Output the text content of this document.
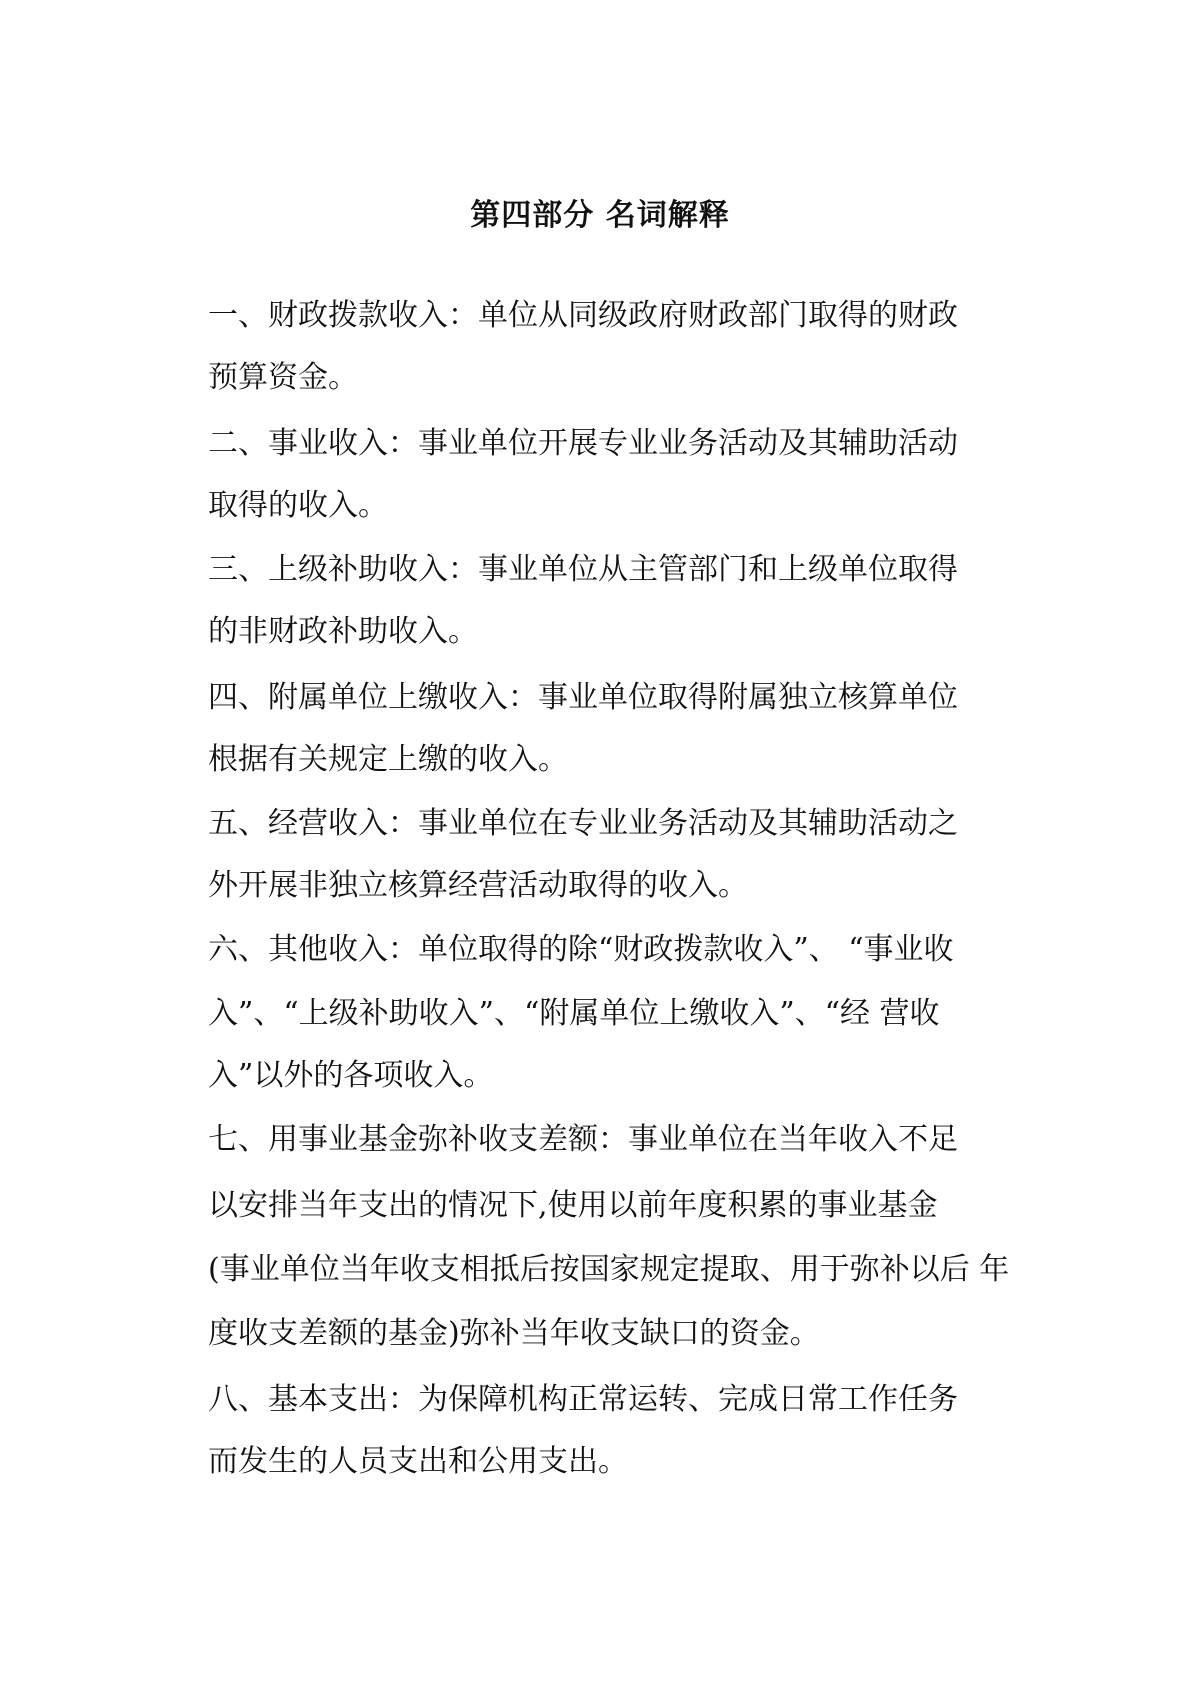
第四部分 名词解释
一、财政拨款收入：单位从同级政府财政部门取得的财政
预算资金。
二、事业收入：事业单位开展专业业务活动及其辅助活动
取得的收入。
三、上级补助收入：事业单位从主管部门和上级单位取得
的非财政补助收入。
四、附属单位上缴收入：事业单位取得附属独立核算单位
根据有关规定上缴的收入。
五、经营收入：事业单位在专业业务活动及其辅助活动之
外开展非独立核算经营活动取得的收入。
六、其他收入：单位取得的除“财政拨款收入”、 “事业收
入”、“上级补助收入”、“附属单位上缴收入”、“经 营收
入”以外的各项收入。
七、用事业基金弥补收支差额：事业单位在当年收入不足
以安排当年支出的情况下,使用以前年度积累的事业基金
(事业单位当年收支相抵后按国家规定提取、用于弥补以后 年
度收支差额的基金)弥补当年收支缺口的资金。
八、基本支出：为保障机构正常运转、完成日常工作任务
而发生的人员支出和公用支出。
